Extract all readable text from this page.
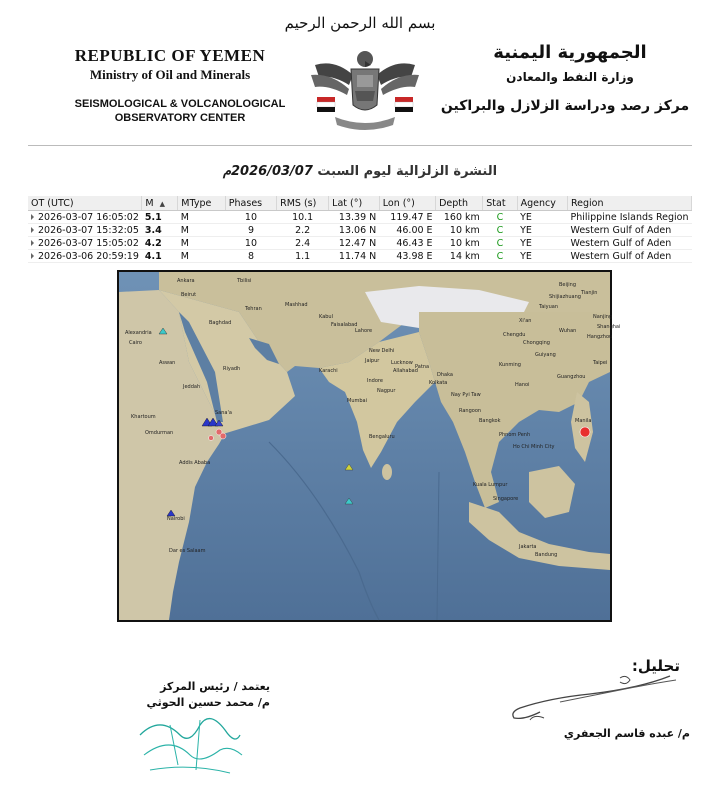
بسم الله الرحمن الرحيم
REPUBLIC OF YEMEN
Ministry of Oil and Minerals
SEISMOLOGICAL & VOLCANOLOGICAL
OBSERVATORY CENTER
الجمهورية اليمنية
وزارة النفط والمعادن
مركز رصد ودراسة الزلازل والبراكين
النشرة الزلزالية ليوم السبت 2026/03/07م
OT (UTC)	M ▲	MType	Phases	RMS (s)	Lat (°)	Lon (°)	Depth	Stat	Agency	Region
2026-03-07 16:05:02	5.1	M	10	10.1	13.39 N	119.47 E	160 km	C	YE	Philippine Islands Region
2026-03-07 15:32:05	3.4	M	9	2.2	13.06 N	46.00 E	10 km	C	YE	Western Gulf of Aden
2026-03-07 15:05:02	4.2	M	10	2.4	12.47 N	46.43 E	10 km	C	YE	Western Gulf of Aden
2026-03-06 20:59:19	4.1	M	8	1.1	11.74 N	43.98 E	14 km	C	YE	Western Gulf of Aden
Ankara	Tbilisi
Beirut
Tehran
Baghdad
Mashhad
Kabul
Faisalabad
Lahore
Alexandria
Cairo
Aswan
Riyadh
Jeddah
Karachi
New Delhi
Jaipur Lucknow
Patna
Dhaka
Indore
Allahabad
Kolkata
Mumbai
Nagpur
Bengaluru
Khartoum
Sana'a
Omdurman
Addis Ababa
Nairobi
Dar es Salaam
Beijing
Tianjin
Shijiazhuang
Taiyuan
Xi'an
Wuhan
Nanjing
Shanghai
Hangzhou
Chengdu
Chongqing
Guiyang
Kunming
Guangzhou
Taipei
Hanoi
Nay Pyi Taw
Rangoon
Bangkok
Phnom Penh
Ho Chi Minh City
Manila
Kuala Lumpur
Singapore
Jakarta
Bandung
تحليل:
م/ عبده قاسم الجعفري
يعتمد / رئيس المركز
م/ محمد حسين الحوثي
